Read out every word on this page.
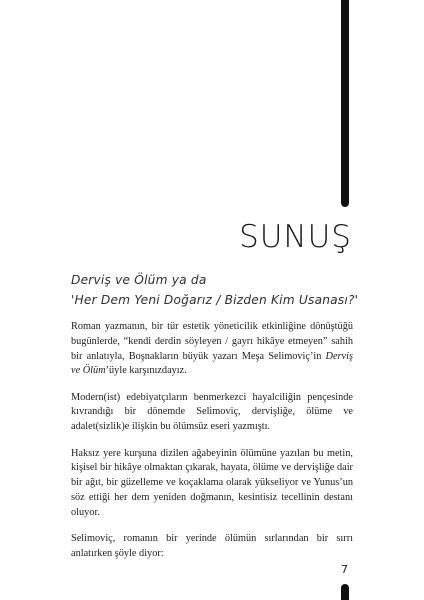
SUNUŞ
Derviş ve Ölüm ya da
'Her Dem Yeni Doğarız / Bizden Kim Usanası?'

Roman yazmanın, bir tür estetik yöneticilik etkinliğine dönüştüğü bugünlerde, “kendi derdin söyleyen / gayrı hikâye etmeyen” sahih bir anlatıyla, Boşnakların büyük yazarı Meşa Selimoviç’in Derviş ve Ölüm’üyle karşınızdayız.

Modern(ist) edebiyatçıların benmerkezci hayalciliğin pençesinde kıvrandığı bir dönemde Selimoviç, dervişliğe, ölüme ve adalet(sizlik)e ilişkin bu ölümsüz eseri yazmıştı.

Haksız yere kurşuna dizilen ağabeyinin ölümüne yazılan bu metin, kişisel bir hikâye olmaktan çıkarak, hayata, ölüme ve dervişliğe dair bir ağıt, bir güzelleme ve koçaklama olarak yükseliyor ve Yunus’un söz ettiği her dem yeniden doğmanın, kesintisiz tecellinin destanı oluyor.

Selimoviç, romanın bir yerinde ölümün sırlarından bir sırrı anlatırken şöyle diyor:

7
